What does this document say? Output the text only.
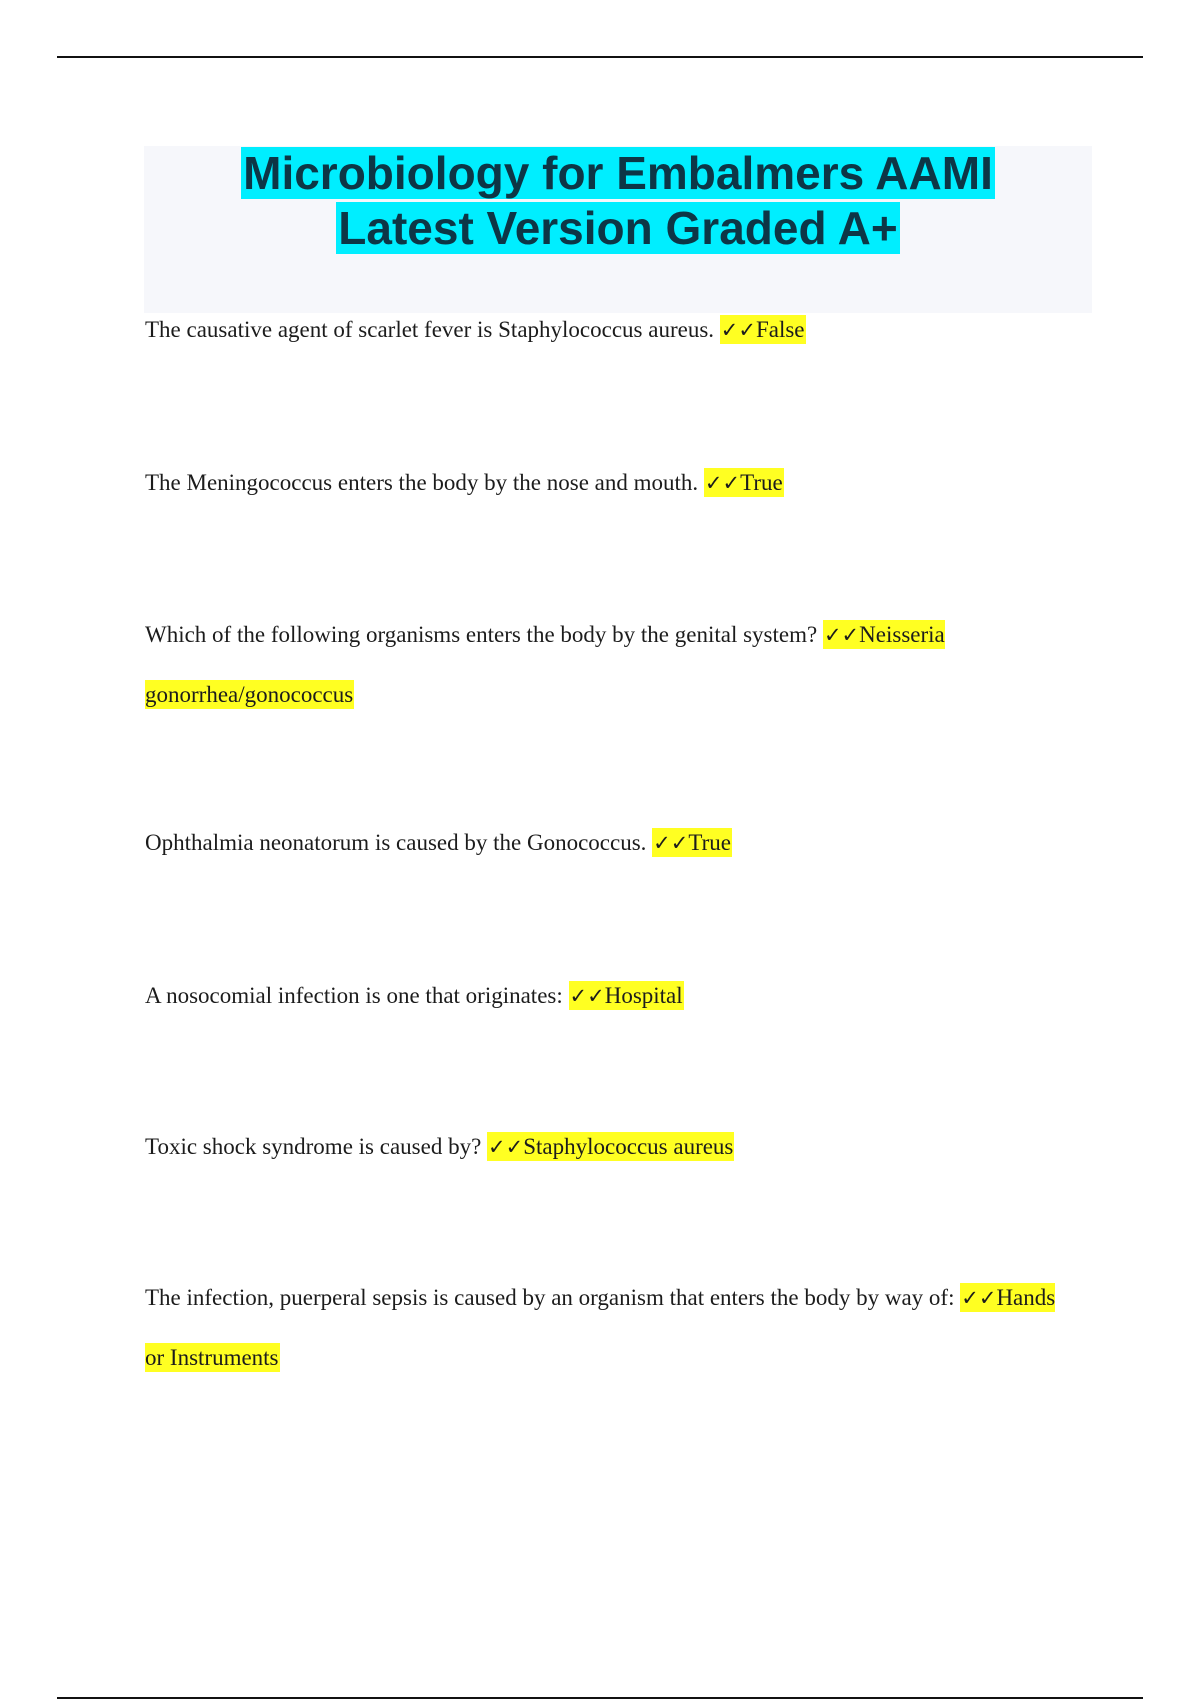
Microbiology for Embalmers AAMI
Latest Version Graded A+
The causative agent of scarlet fever is Staphylococcus aureus. ✓✓False
The Meningococcus enters the body by the nose and mouth. ✓✓True
Which of the following organisms enters the body by the genital system? ✓✓Neisseria gonorrhea/gonococcus
Ophthalmia neonatorum is caused by the Gonococcus. ✓✓True
A nosocomial infection is one that originates: ✓✓Hospital
Toxic shock syndrome is caused by? ✓✓Staphylococcus aureus
The infection, puerperal sepsis is caused by an organism that enters the body by way of: ✓✓Hands or Instruments
